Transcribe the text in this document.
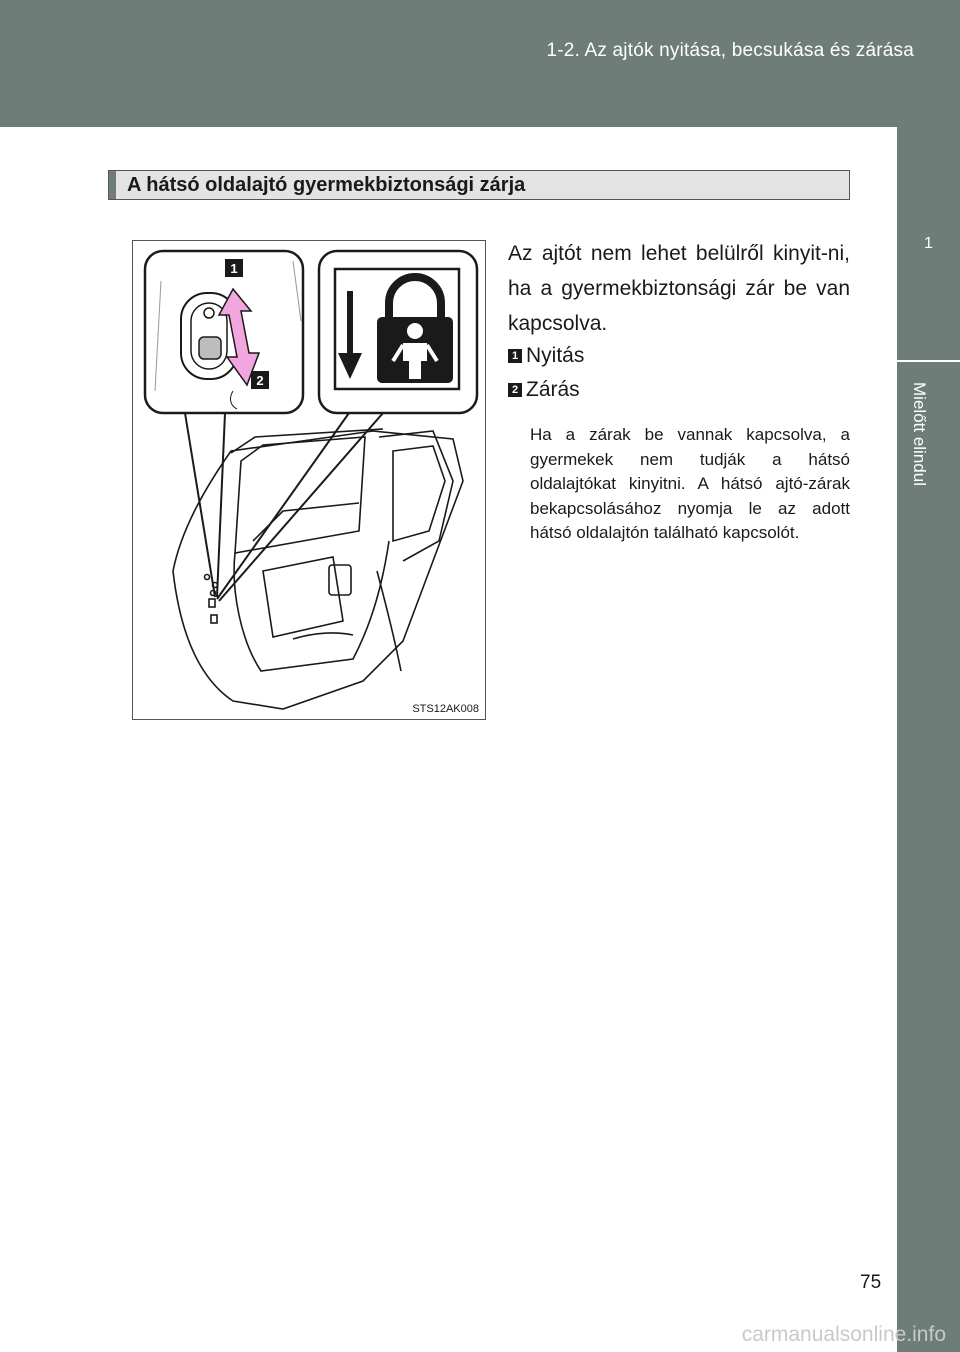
1-2. Az ajtók nyitása, becsukása és zárása
1
Mielőtt elindul
A hátsó oldalajtó gyermekbiztonsági zárja
1
2
STS12AK008
Az ajtót nem lehet belülről kinyit-ni, ha a gyermekbiztonsági zár be van kapcsolva.
1 Nyitás
2 Zárás
Ha a zárak be vannak kapcsolva, a gyermekek nem tudják a hátsó oldalajtókat kinyitni. A hátsó ajtó-zárak bekapcsolásához nyomja le az adott hátsó oldalajtón található kapcsolót.
75
carmanualsonline.info
